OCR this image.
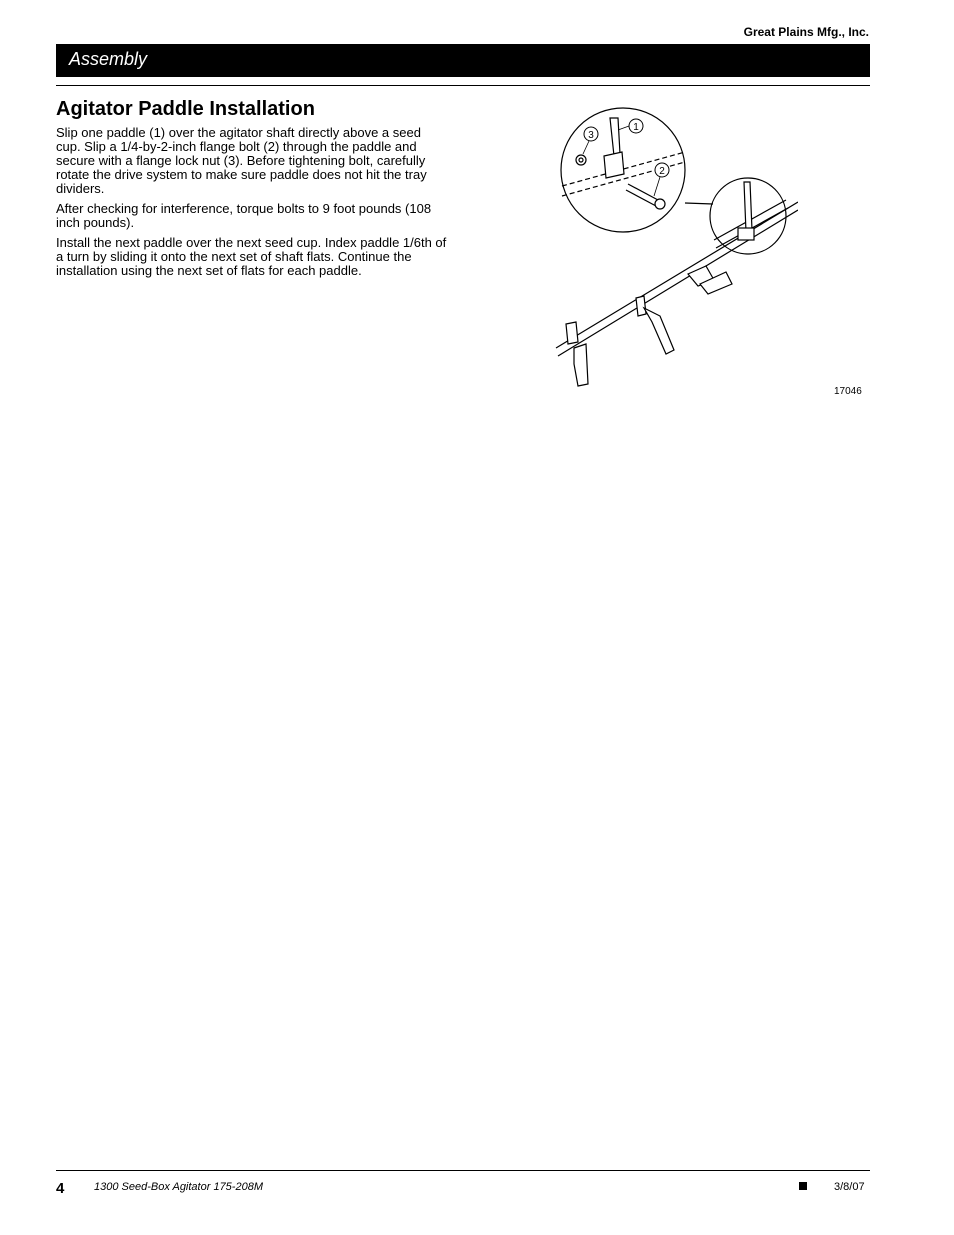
Great Plains Mfg., Inc.
Assembly
Agitator Paddle Installation

Slip one paddle (1) over the agitator shaft directly above a seed cup. Slip a 1/4-by-2-inch flange bolt (2) through the paddle and secure with a flange lock nut (3). Before tightening bolt, carefully rotate the drive system to make sure paddle does not hit the tray dividers.

After checking for interference, torque bolts to 9 foot pounds (108 inch pounds).

Install the next paddle over the next seed cup. Index paddle 1/6th of a turn by sliding it onto the next set of shaft flats. Continue the installation using the next set of flats for each paddle.

1
2
3
17046
4	1300 Seed-Box Agitator 175-208M	3/8/07
